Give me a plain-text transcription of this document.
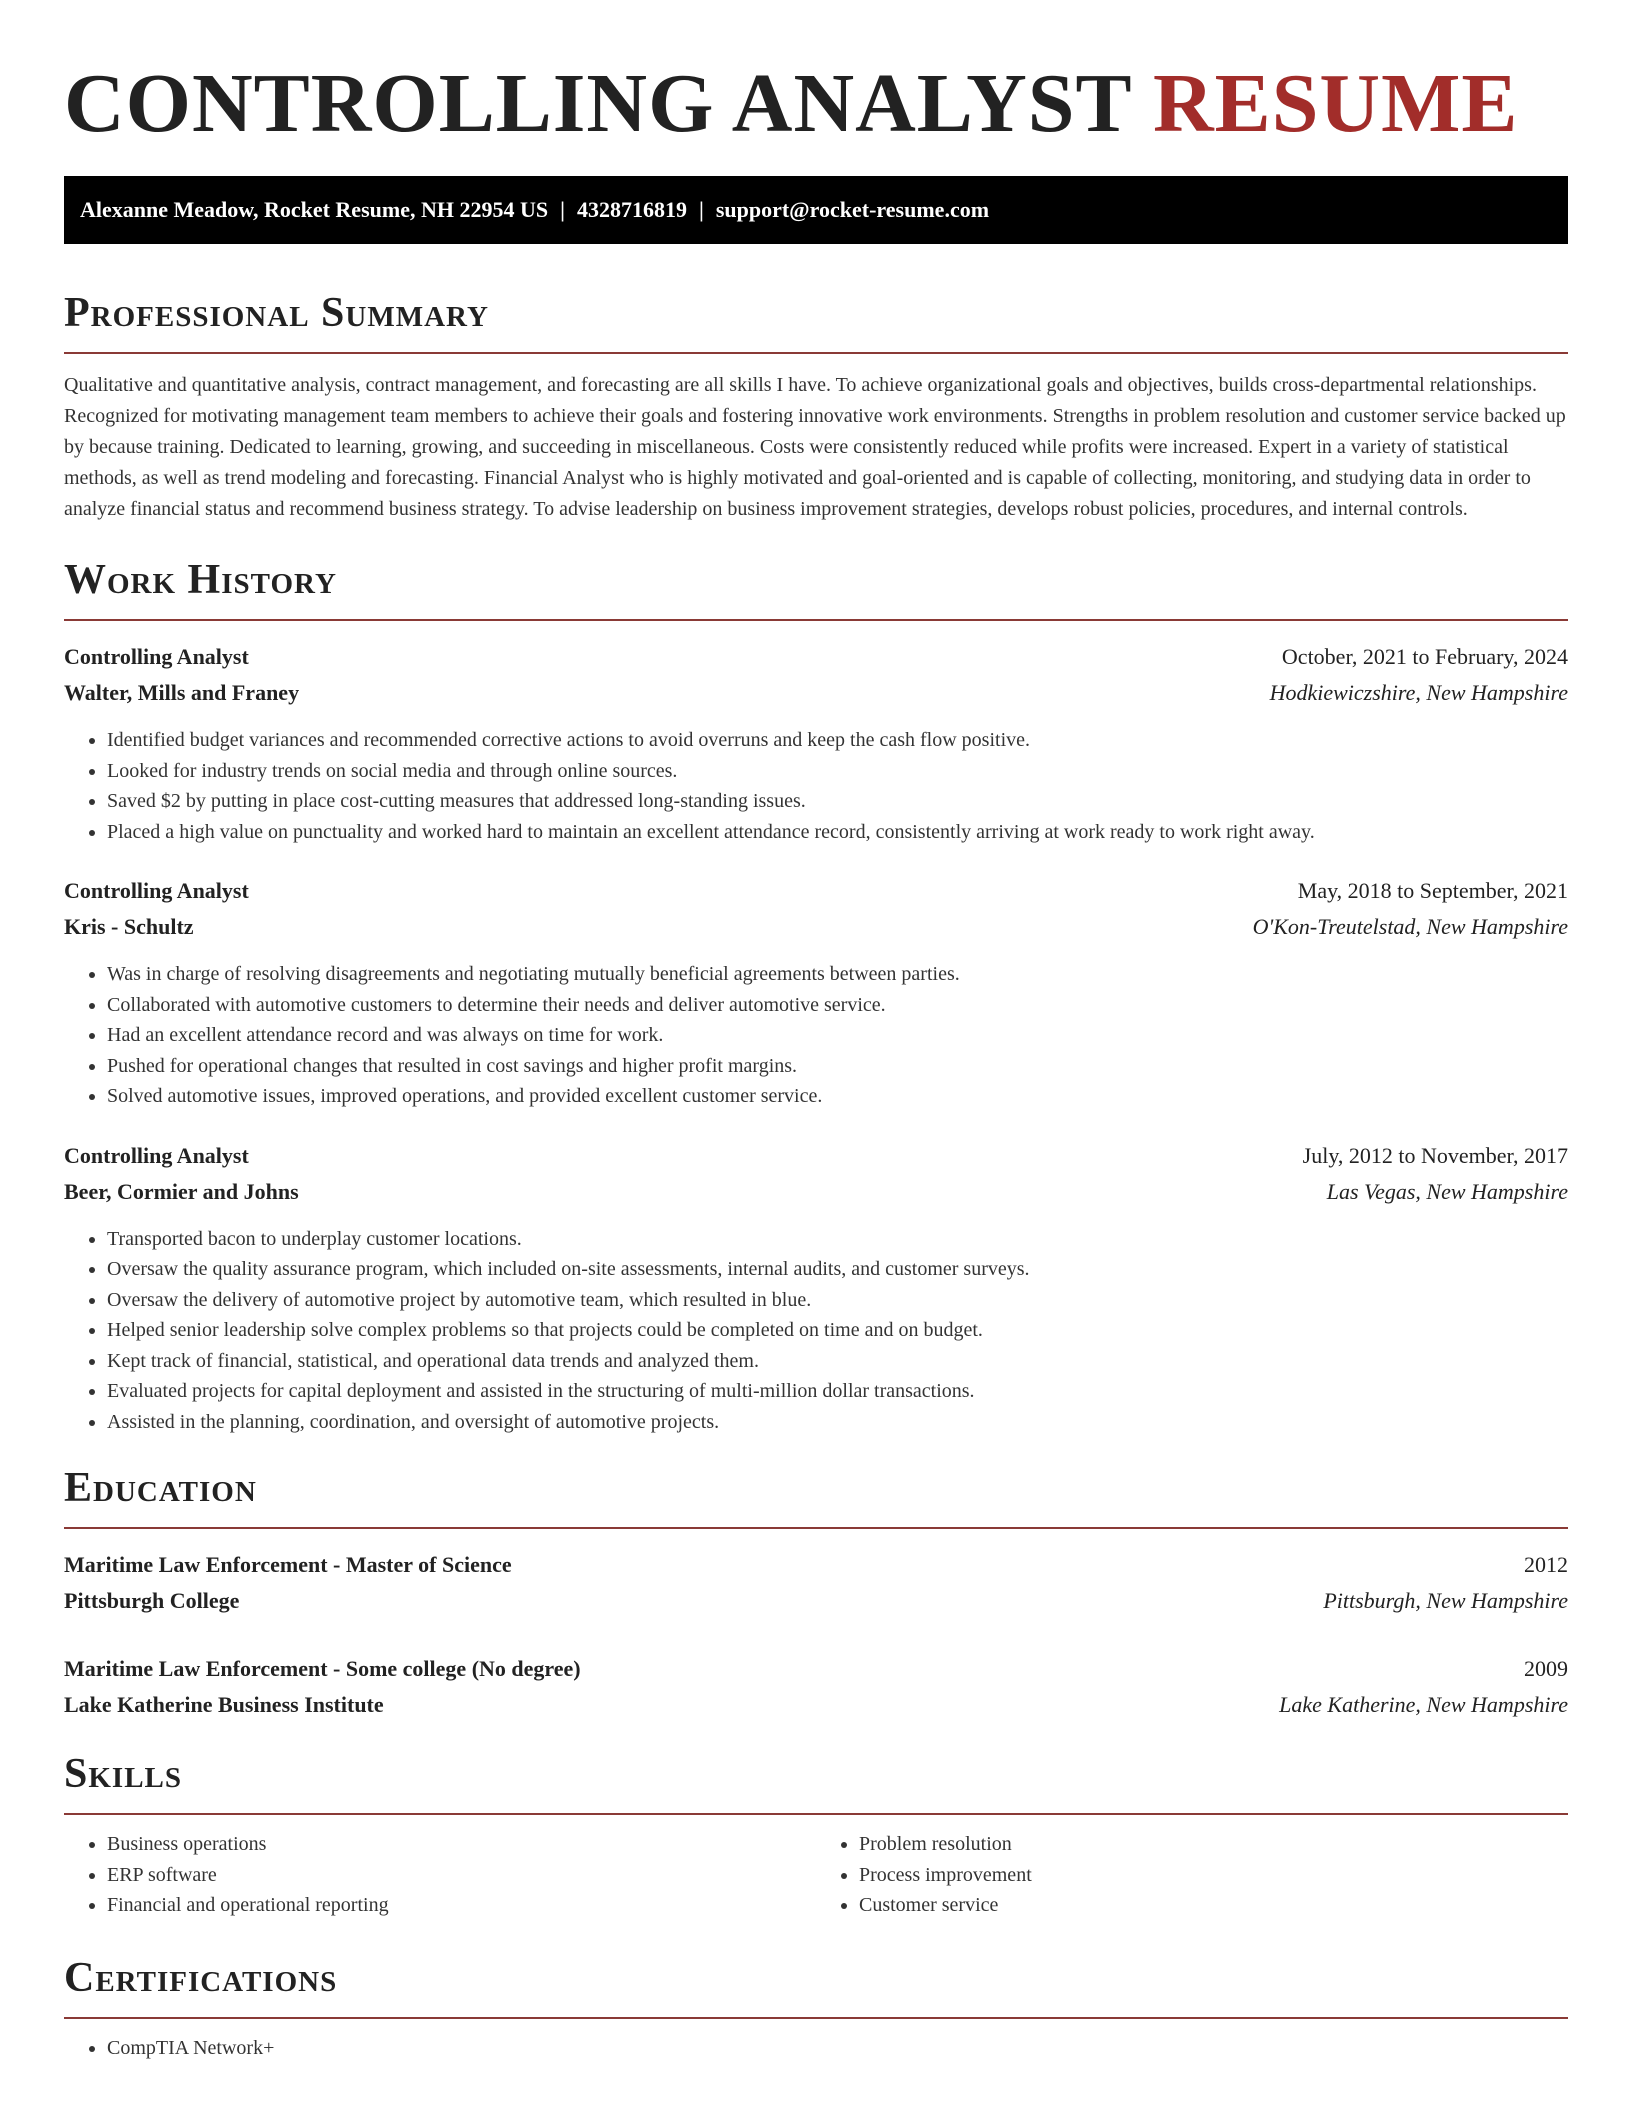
CONTROLLING ANALYST RESUME
Alexanne Meadow, Rocket Resume, NH 22954 US | 4328716819 | support@rocket-resume.com
Professional Summary

Qualitative and quantitative analysis, contract management, and forecasting are all skills I have. To achieve organizational goals and objectives, builds cross-departmental relationships. Recognized for motivating management team members to achieve their goals and fostering innovative work environments. Strengths in problem resolution and customer service backed up by because training. Dedicated to learning, growing, and succeeding in miscellaneous. Costs were consistently reduced while profits were increased. Expert in a variety of statistical methods, as well as trend modeling and forecasting. Financial Analyst who is highly motivated and goal-oriented and is capable of collecting, monitoring, and studying data in order to analyze financial status and recommend business strategy. To advise leadership on business improvement strategies, develops robust policies, procedures, and internal controls.

Work History
Controlling Analyst	October, 2021 to February, 2024
Walter, Mills and Franey	Hodkiewiczshire, New Hampshire
• Identified budget variances and recommended corrective actions to avoid overruns and keep the cash flow positive.
• Looked for industry trends on social media and through online sources.
• Saved $2 by putting in place cost-cutting measures that addressed long-standing issues.
• Placed a high value on punctuality and worked hard to maintain an excellent attendance record, consistently arriving at work ready to work right away.
Controlling Analyst	May, 2018 to September, 2021
Kris - Schultz	O'Kon-Treutelstad, New Hampshire
• Was in charge of resolving disagreements and negotiating mutually beneficial agreements between parties.
• Collaborated with automotive customers to determine their needs and deliver automotive service.
• Had an excellent attendance record and was always on time for work.
• Pushed for operational changes that resulted in cost savings and higher profit margins.
• Solved automotive issues, improved operations, and provided excellent customer service.
Controlling Analyst	July, 2012 to November, 2017
Beer, Cormier and Johns	Las Vegas, New Hampshire
• Transported bacon to underplay customer locations.
• Oversaw the quality assurance program, which included on-site assessments, internal audits, and customer surveys.
• Oversaw the delivery of automotive project by automotive team, which resulted in blue.
• Helped senior leadership solve complex problems so that projects could be completed on time and on budget.
• Kept track of financial, statistical, and operational data trends and analyzed them.
• Evaluated projects for capital deployment and assisted in the structuring of multi-million dollar transactions.
• Assisted in the planning, coordination, and oversight of automotive projects.
Education
Maritime Law Enforcement - Master of Science	2012
Pittsburgh College	Pittsburgh, New Hampshire
Maritime Law Enforcement - Some college (No degree)	2009
Lake Katherine Business Institute	Lake Katherine, New Hampshire
Skills
• Business operations
• ERP software
• Financial and operational reporting
• Problem resolution
• Process improvement
• Customer service
Certifications
• CompTIA Network+
